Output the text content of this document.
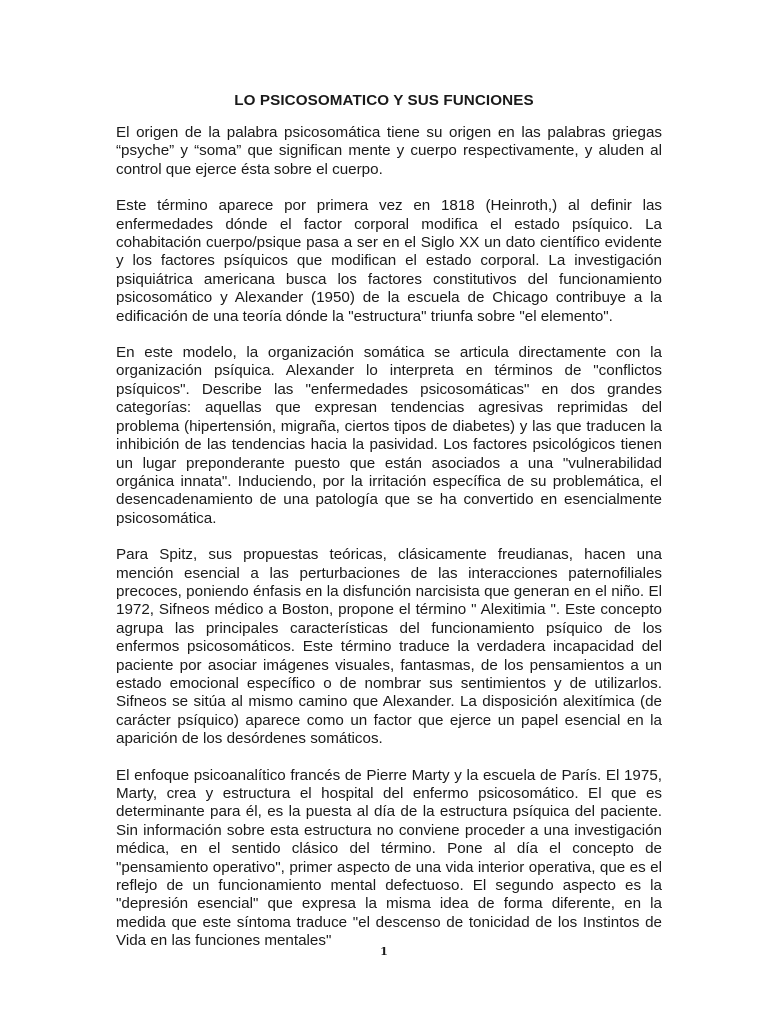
LO PSICOSOMATICO Y SUS FUNCIONES

El origen de la palabra psicosomática tiene su origen en las palabras griegas “psyche” y “soma” que significan mente y cuerpo respectivamente, y aluden al control que ejerce ésta sobre el cuerpo.

Este término aparece por primera vez en 1818 (Heinroth,) al definir las enfermedades dónde el factor corporal modifica el estado psíquico. La cohabitación cuerpo/psique pasa a ser en el Siglo XX un dato científico evidente y los factores psíquicos que modifican el estado corporal. La investigación psiquiátrica americana busca los factores constitutivos del funcionamiento psicosomático y Alexander (1950) de la escuela de Chicago contribuye a la edificación de una teoría dónde la "estructura" triunfa sobre "el elemento".

En este modelo, la organización somática se articula directamente con la organización psíquica. Alexander lo interpreta en términos de "conflictos psíquicos". Describe las "enfermedades psicosomáticas" en dos grandes categorías: aquellas que expresan tendencias agresivas reprimidas del problema (hipertensión, migraña, ciertos tipos de diabetes) y las que traducen la inhibición de las tendencias hacia la pasividad. Los factores psicológicos tienen un lugar preponderante puesto que están asociados a una "vulnerabilidad orgánica innata". Induciendo, por la irritación específica de su problemática, el desencadenamiento de una patología que se ha convertido en esencialmente psicosomática.

Para Spitz, sus propuestas teóricas, clásicamente freudianas, hacen una mención esencial a las perturbaciones de las interacciones paternofiliales precoces, poniendo énfasis en la disfunción narcisista que generan en el niño. El 1972, Sifneos médico a Boston, propone el término " Alexitimia ". Este concepto agrupa las principales características del funcionamiento psíquico de los enfermos psicosomáticos. Este término traduce la verdadera incapacidad del paciente por asociar imágenes visuales, fantasmas, de los pensamientos a un estado emocional específico o de nombrar sus sentimientos y de utilizarlos. Sifneos se sitúa al mismo camino que Alexander. La disposición alexitímica (de carácter psíquico) aparece como un factor que ejerce un papel esencial en la aparición de los desórdenes somáticos.

El enfoque psicoanalítico francés de Pierre Marty y la escuela de París. El 1975, Marty, crea y estructura el hospital del enfermo psicosomático. El que es determinante para él, es la puesta al día de la estructura psíquica del paciente. Sin información sobre esta estructura no conviene proceder a una investigación médica, en el sentido clásico del término. Pone al día el concepto de "pensamiento operativo", primer aspecto de una vida interior operativa, que es el reflejo de un funcionamiento mental defectuoso. El segundo aspecto es la "depresión esencial" que expresa la misma idea de forma diferente, en la medida que este síntoma traduce "el descenso de tonicidad de los Instintos de Vida en las funciones mentales"

1
